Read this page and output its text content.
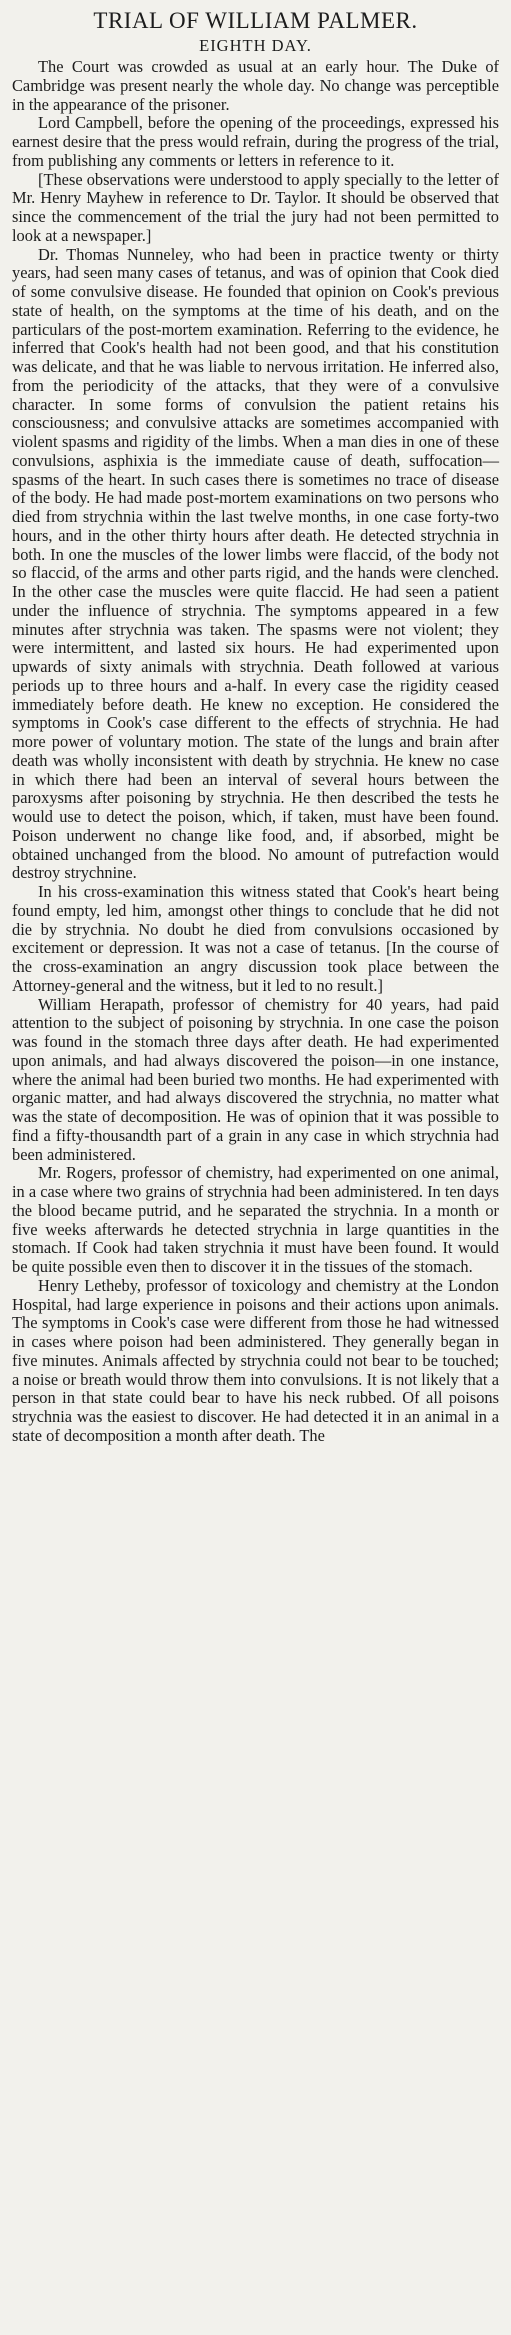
TRIAL OF WILLIAM PALMER.
EIGHTH DAY.

The Court was crowded as usual at an early hour. The Duke of Cambridge was present nearly the whole day. No change was perceptible in the appearance of the prisoner.

Lord Campbell, before the opening of the proceedings, expressed his earnest desire that the press would refrain, during the progress of the trial, from publishing any comments or letters in reference to it.

[These observations were understood to apply specially to the letter of Mr. Henry Mayhew in reference to Dr. Taylor. It should be observed that since the commencement of the trial the jury had not been permitted to look at a newspaper.]

Dr. Thomas Nunneley, who had been in practice twenty or thirty years, had seen many cases of tetanus, and was of opinion that Cook died of some convulsive disease. He founded that opinion on Cook's previous state of health, on the symptoms at the time of his death, and on the particulars of the post-mortem examination. Referring to the evidence, he inferred that Cook's health had not been good, and that his constitution was delicate, and that he was liable to nervous irritation. He inferred also, from the periodicity of the attacks, that they were of a convulsive character. In some forms of convulsion the patient retains his consciousness; and convulsive attacks are sometimes accompanied with violent spasms and rigidity of the limbs. When a man dies in one of these convulsions, asphixia is the immediate cause of death, suffocation—spasms of the heart. In such cases there is sometimes no trace of disease of the body. He had made post-mortem examinations on two persons who died from strychnia within the last twelve months, in one case forty-two hours, and in the other thirty hours after death. He detected strychnia in both. In one the muscles of the lower limbs were flaccid, of the body not so flaccid, of the arms and other parts rigid, and the hands were clenched. In the other case the muscles were quite flaccid. He had seen a patient under the influence of strychnia. The symptoms appeared in a few minutes after strychnia was taken. The spasms were not violent; they were intermittent, and lasted six hours. He had experimented upon upwards of sixty animals with strychnia. Death followed at various periods up to three hours and a-half. In every case the rigidity ceased immediately before death. He knew no exception. He considered the symptoms in Cook's case different to the effects of strychnia. He had more power of voluntary motion. The state of the lungs and brain after death was wholly inconsistent with death by strychnia. He knew no case in which there had been an interval of several hours between the paroxysms after poisoning by strychnia. He then described the tests he would use to detect the poison, which, if taken, must have been found. Poison underwent no change like food, and, if absorbed, might be obtained unchanged from the blood. No amount of putrefaction would destroy strychnine.

In his cross-examination this witness stated that Cook's heart being found empty, led him, amongst other things to conclude that he did not die by strychnia. No doubt he died from convulsions occasioned by excitement or depression. It was not a case of tetanus. [In the course of the cross-examination an angry discussion took place between the Attorney-general and the witness, but it led to no result.]

William Herapath, professor of chemistry for 40 years, had paid attention to the subject of poisoning by strychnia. In one case the poison was found in the stomach three days after death. He had experimented upon animals, and had always discovered the poison—in one instance, where the animal had been buried two months. He had experimented with organic matter, and had always discovered the strychnia, no matter what was the state of decomposition. He was of opinion that it was possible to find a fifty-thousandth part of a grain in any case in which strychnia had been administered.

Mr. Rogers, professor of chemistry, had experimented on one animal, in a case where two grains of strychnia had been administered. In ten days the blood became putrid, and he separated the strychnia. In a month or five weeks afterwards he detected strychnia in large quantities in the stomach. If Cook had taken strychnia it must have been found. It would be quite possible even then to discover it in the tissues of the stomach.

Henry Letheby, professor of toxicology and chemistry at the London Hospital, had large experience in poisons and their actions upon animals. The symptoms in Cook's case were different from those he had witnessed in cases where poison had been administered. They generally began in five minutes. Animals affected by strychnia could not bear to be touched; a noise or breath would throw them into convulsions. It is not likely that a person in that state could bear to have his neck rubbed. Of all poisons strychnia was the easiest to discover. He had detected it in an animal in a state of decomposition a month after death. The
